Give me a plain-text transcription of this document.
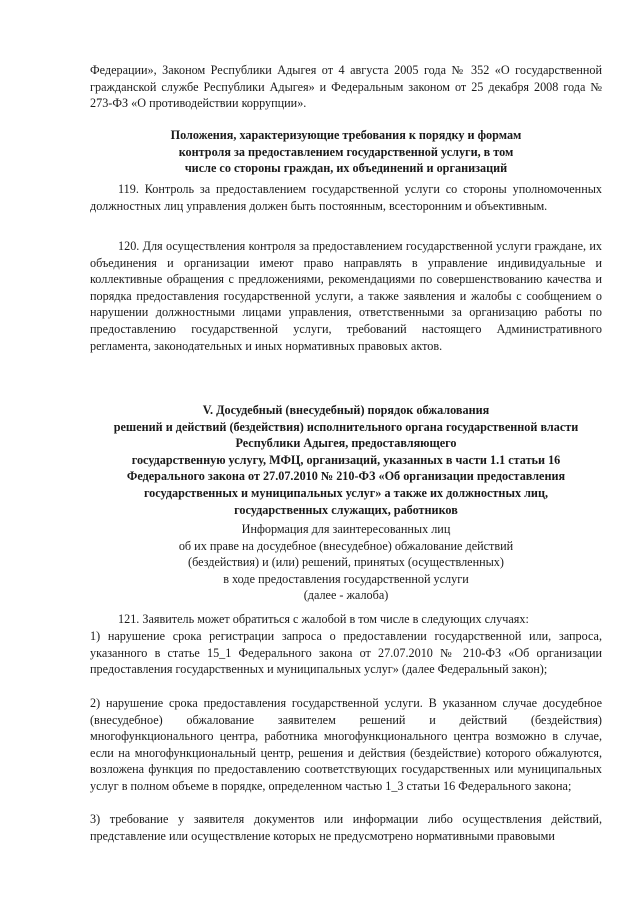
Федерации», Законом Республики Адыгея от 4 августа 2005 года № 352 «О государственной гражданской службе Республики Адыгея» и Федеральным законом от 25 декабря 2008 года № 273-ФЗ «О противодействии коррупции».

Положения, характеризующие требования к порядку и формам
контроля за предоставлением государственной услуги, в том
числе со стороны граждан, их объединений и организаций

119. Контроль за предоставлением государственной услуги со стороны уполномоченных должностных лиц управления должен быть постоянным, всесторонним и объективным.

120. Для осуществления контроля за предоставлением государственной услуги граждане, их объединения и организации имеют право направлять в управление индивидуальные и коллективные обращения с предложениями, рекомендациями по совершенствованию качества и порядка предоставления государственной услуги, а также заявления и жалобы с сообщением о нарушении должностными лицами управления, ответственными за организацию работы по предоставлению государственной услуги, требований настоящего Административного регламента, законодательных и иных нормативных правовых актов.

V. Досудебный (внесудебный) порядок обжалования
решений и действий (бездействия) исполнительного органа государственной власти
Республики Адыгея, предоставляющего
государственную услугу, МФЦ, организаций, указанных в части 1.1 статьи 16
Федерального закона от 27.07.2010 № 210-ФЗ «Об организации предоставления
государственных и муниципальных услуг» а также их должностных лиц,
государственных служащих, работников
Информация для заинтересованных лиц
об их праве на досудебное (внесудебное) обжалование действий
(бездействия) и (или) решений, принятых (осуществленных)
в ходе предоставления государственной услуги
(далее - жалоба)

121. Заявитель может обратиться с жалобой в том числе в следующих случаях:

1) нарушение срока регистрации запроса о предоставлении государственной или, запроса, указанного в статье 15_1 Федерального закона от 27.07.2010 № 210-ФЗ «Об организации предоставления государственных и муниципальных услуг» (далее Федеральный закон);

2) нарушение срока предоставления государственной услуги. В указанном случае досудебное (внесудебное) обжалование заявителем решений и действий (бездействия) многофункционального центра, работника многофункционального центра возможно в случае, если на многофункциональный центр, решения и действия (бездействие) которого обжалуются, возложена функция по предоставлению соответствующих государственных или муниципальных услуг в полном объеме в порядке, определенном частью 1_3 статьи 16 Федерального закона;

3) требование у заявителя документов или информации либо осуществления действий, представление или осуществление которых не предусмотрено нормативными правовыми
